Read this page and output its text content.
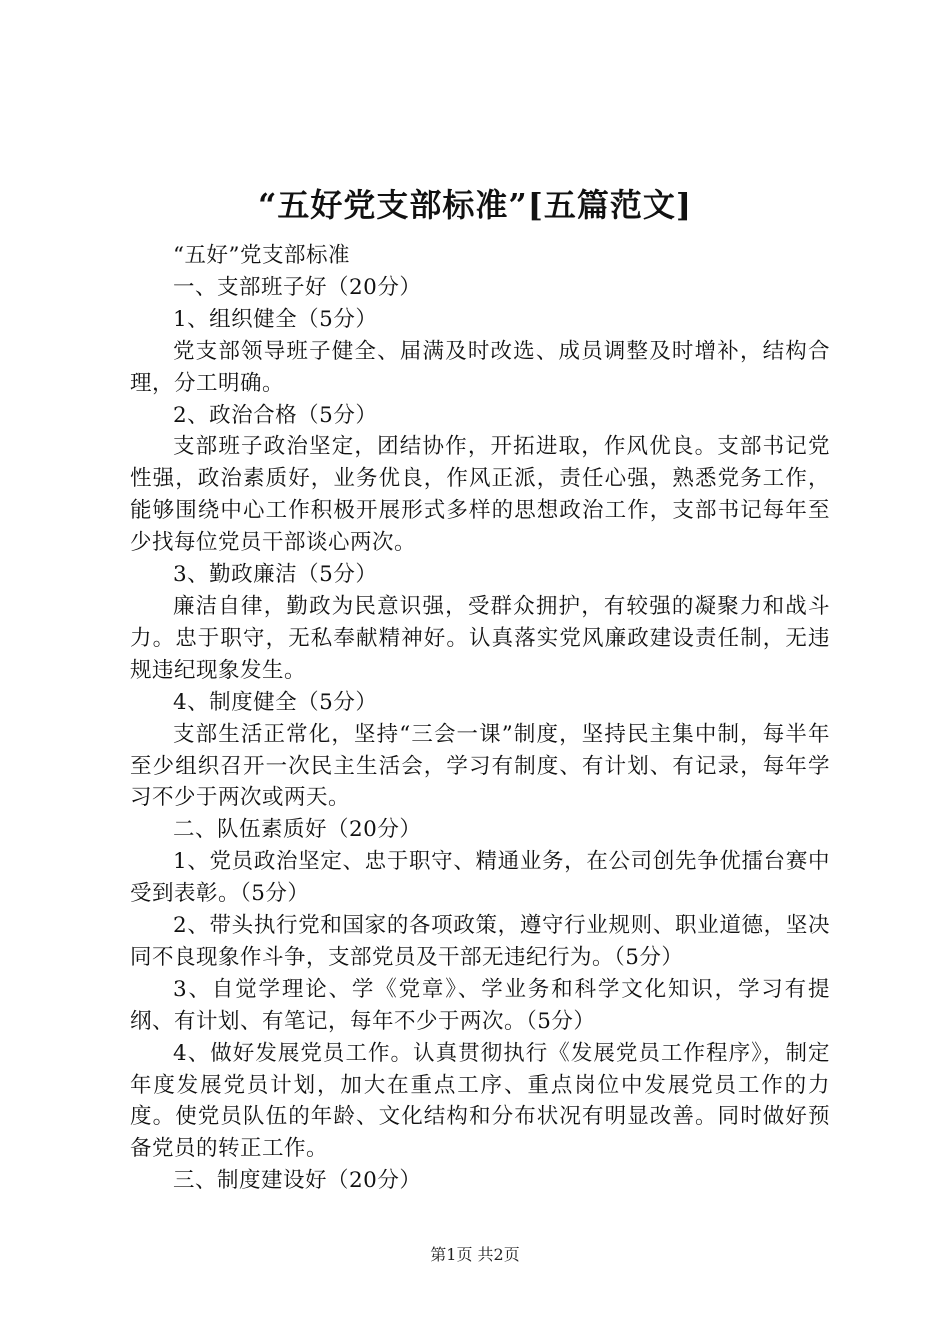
“五好党支部标准”[五篇范文]

“五好”党支部标准

一、支部班子好（20分）

1、组织健全（5分）

党支部领导班子健全、届满及时改选、成员调整及时增补，结构合理，分工明确。

2、政治合格（5分）

支部班子政治坚定，团结协作，开拓进取，作风优良。支部书记党性强，政治素质好，业务优良，作风正派，责任心强，熟悉党务工作，能够围绕中心工作积极开展形式多样的思想政治工作，支部书记每年至少找每位党员干部谈心两次。

3、勤政廉洁（5分）

廉洁自律，勤政为民意识强，受群众拥护，有较强的凝聚力和战斗力。忠于职守，无私奉献精神好。认真落实党风廉政建设责任制，无违规违纪现象发生。

4、制度健全（5分）

支部生活正常化，坚持“三会一课”制度，坚持民主集中制，每半年至少组织召开一次民主生活会，学习有制度、有计划、有记录，每年学习不少于两次或两天。

二、队伍素质好（20分）

1、党员政治坚定、忠于职守、精通业务，在公司创先争优擂台赛中受到表彰。（5分）

2、带头执行党和国家的各项政策，遵守行业规则、职业道德，坚决同不良现象作斗争，支部党员及干部无违纪行为。（5分）

3、自觉学理论、学《党章》、学业务和科学文化知识，学习有提纲、有计划、有笔记，每年不少于两次。（5分）

4、做好发展党员工作。认真贯彻执行《发展党员工作程序》，制定年度发展党员计划，加大在重点工序、重点岗位中发展党员工作的力度。使党员队伍的年龄、文化结构和分布状况有明显改善。同时做好预备党员的转正工作。

三、制度建设好（20分）

第1页 共2页
